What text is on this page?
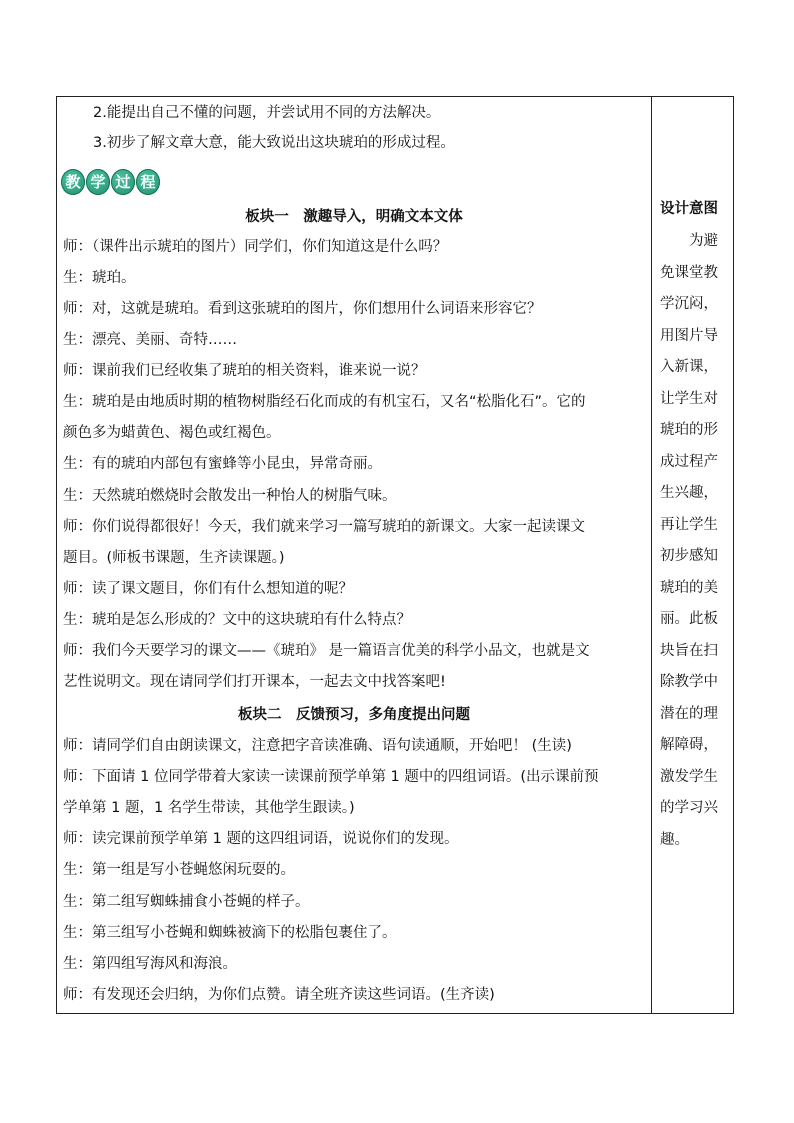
2.能提出自己不懂的问题，并尝试用不同的方法解决。
3.初步了解文章大意，能大致说出这块琥珀的形成过程。
教 学 过 程
板块一　激趣导入，明确文本文体
师：（课件出示琥珀的图片）同学们，你们知道这是什么吗？
生：琥珀。
师：对，这就是琥珀。看到这张琥珀的图片，你们想用什么词语来形容它？
生：漂亮、美丽、奇特……
师：课前我们已经收集了琥珀的相关资料，谁来说一说？
生：琥珀是由地质时期的植物树脂经石化而成的有机宝石，又名“松脂化石”。它的
颜色多为蜡黄色、褐色或红褐色。
生：有的琥珀内部包有蜜蜂等小昆虫，异常奇丽。
生：天然琥珀燃烧时会散发出一种怡人的树脂气味。
师：你们说得都很好！今天，我们就来学习一篇写琥珀的新课文。大家一起读课文
题目。(师板书课题，生齐读课题。)
师：读了课文题目，你们有什么想知道的呢？
生：琥珀是怎么形成的？文中的这块琥珀有什么特点？
师：我们今天要学习的课文——《琥珀》 是一篇语言优美的科学小品文，也就是文
艺性说明文。现在请同学们打开课本，一起去文中找答案吧!
板块二　反馈预习，多角度提出问题
师：请同学们自由朗读课文，注意把字音读准确、语句读通顺，开始吧！ (生读)
师：下面请 1 位同学带着大家读一读课前预学单第 1 题中的四组词语。(出示课前预
学单第 1 题，1 名学生带读，其他学生跟读。)
师：读完课前预学单第 1 题的这四组词语，说说你们的发现。
生：第一组是写小苍蝇悠闲玩耍的。
生：第二组写蜘蛛捕食小苍蝇的样子。
生：第三组写小苍蝇和蜘蛛被滴下的松脂包裹住了。
生：第四组写海风和海浪。
师：有发现还会归纳，为你们点赞。请全班齐读这些词语。(生齐读)
设计意图
　　为避
免课堂教
学沉闷，
用图片导
入新课，
让学生对
琥珀的形
成过程产
生兴趣，
再让学生
初步感知
琥珀的美
丽。此板
块旨在扫
除教学中
潜在的理
解障碍，
激发学生
的学习兴
趣。
